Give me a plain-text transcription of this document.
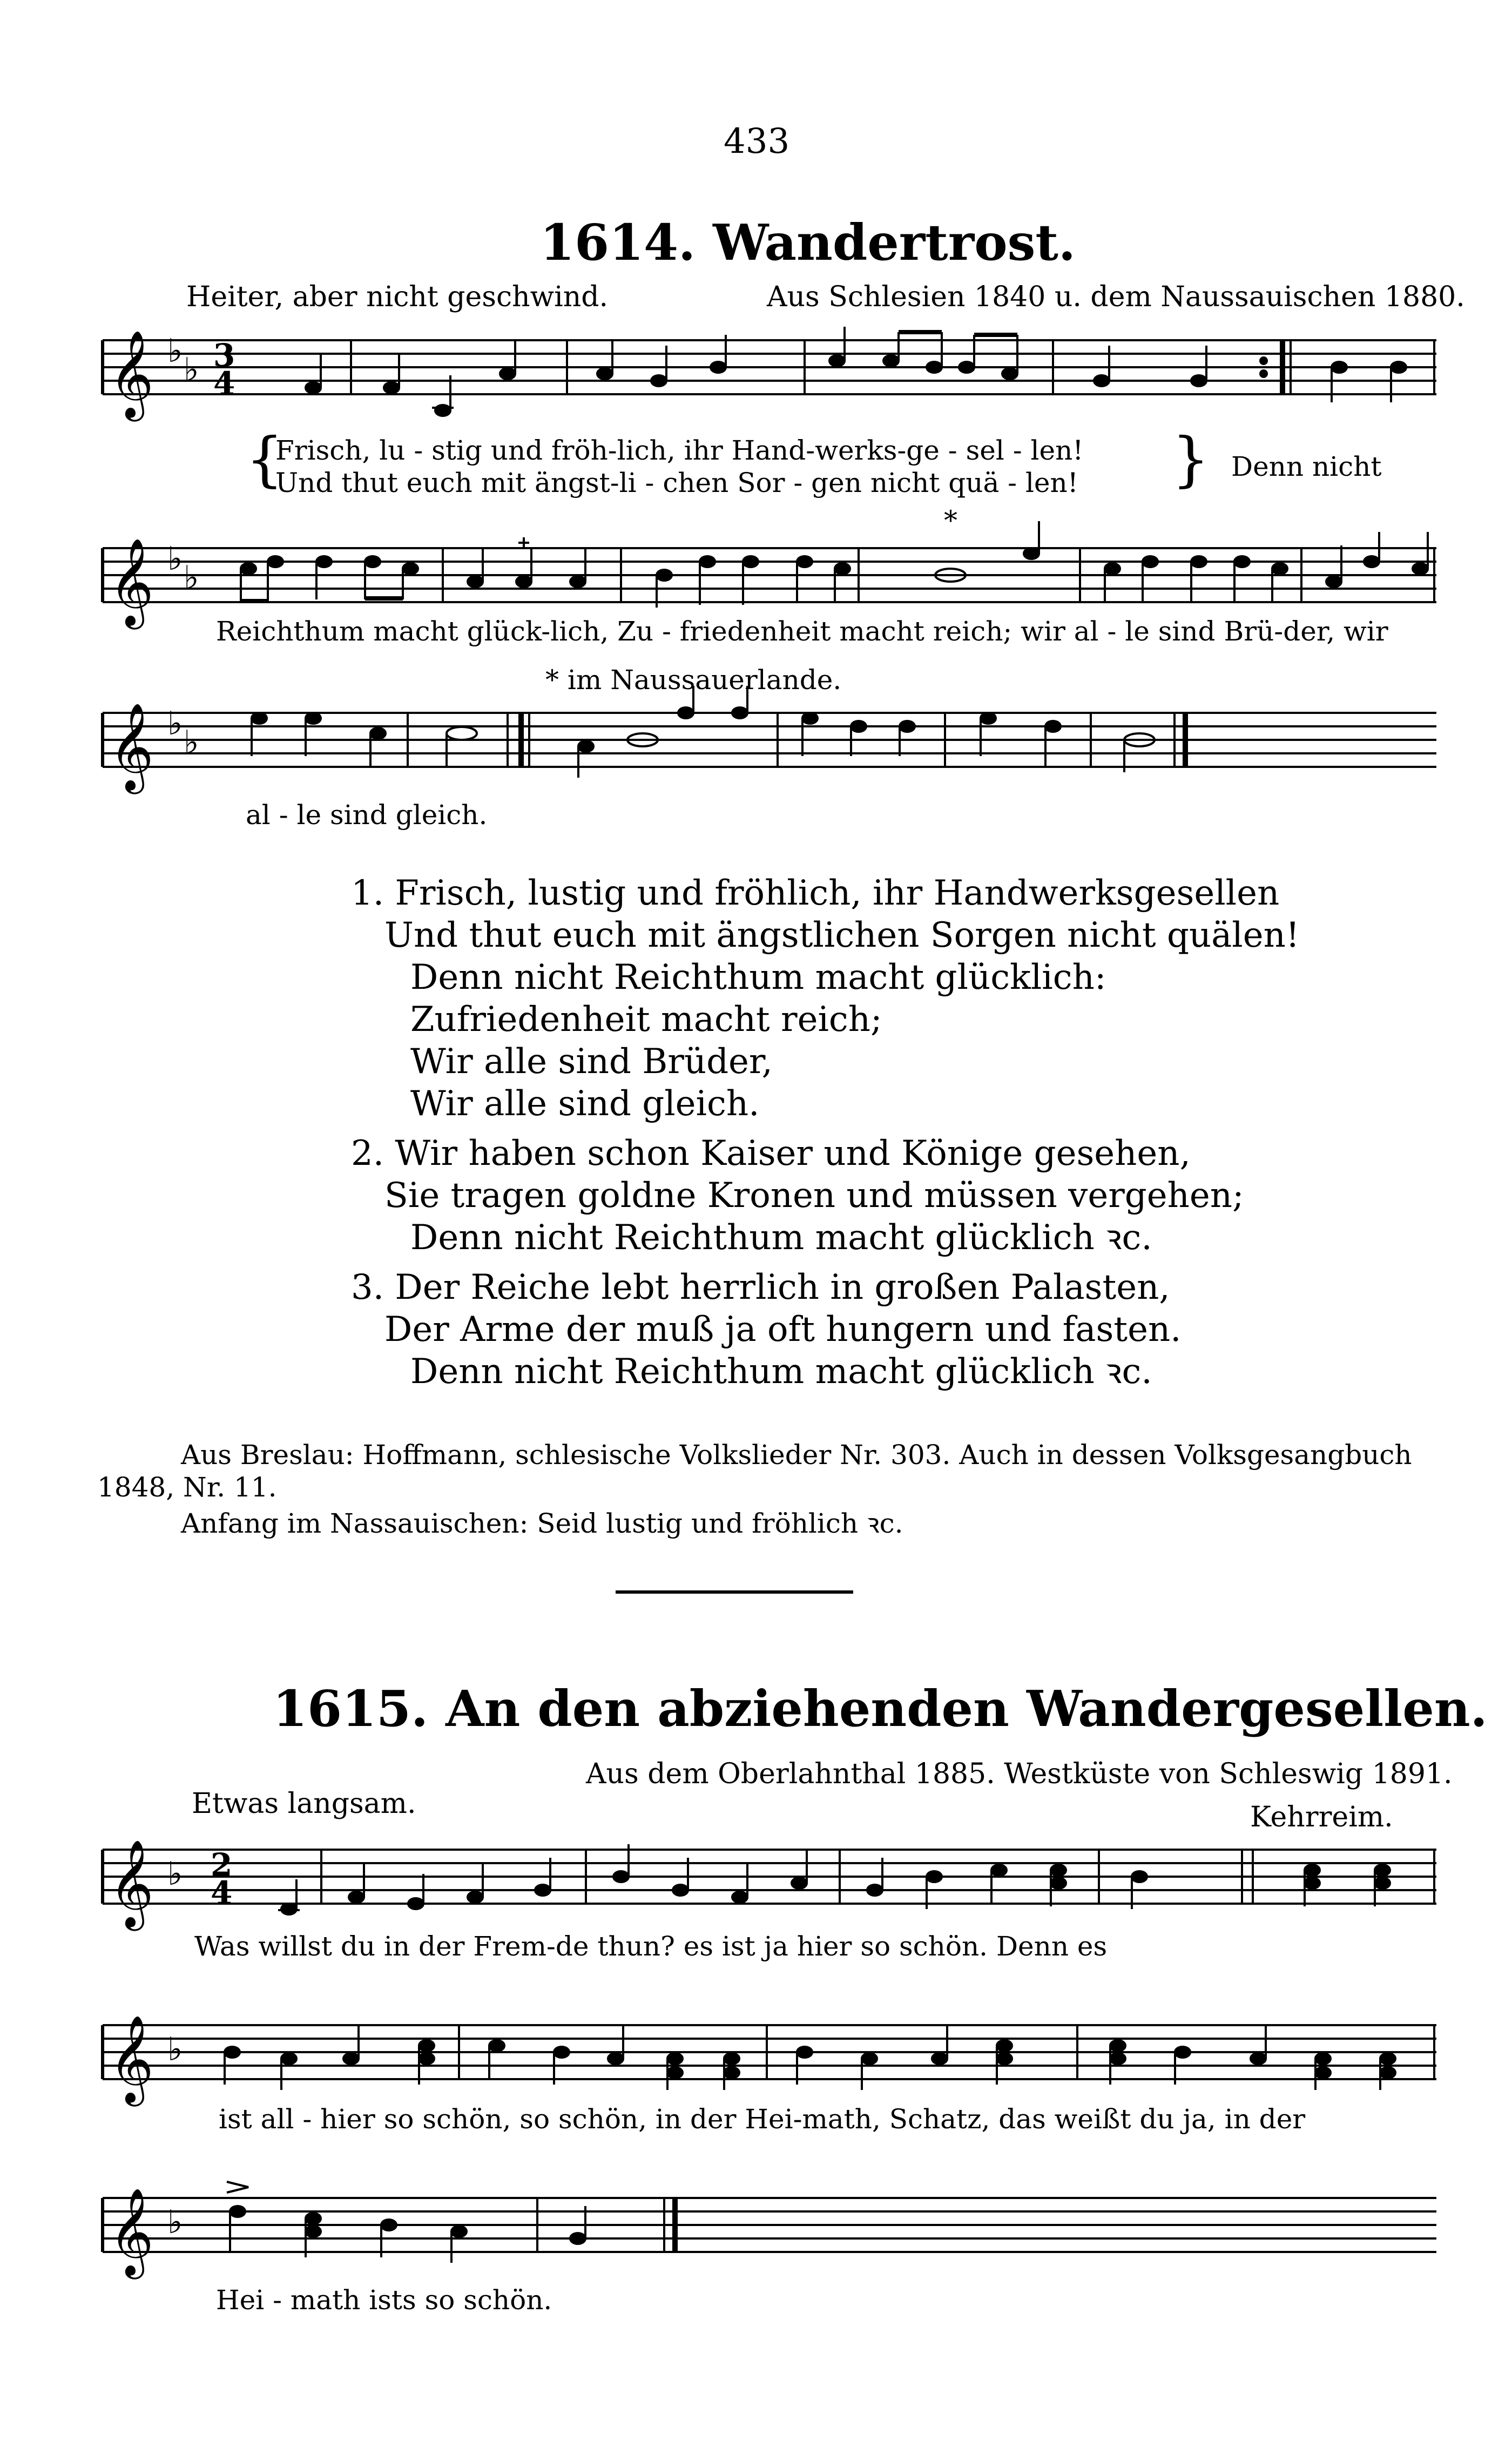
433
1614. Wandertrost.
Heiter, aber nicht geschwind.	Aus Schlesien 1840 u. dem Naussauischen 1880.
𝄞 ♭ ♭ 3
4
{
Frisch, lu - stig und fröh-lich, ihr Hand-werks-ge - sel - len!
Und thut euch mit ängst-li - chen Sor - gen nicht quä - len! } Denn nicht
𝄞 ♭ ♭
*
Reichthum macht glück-lich, Zu - friedenheit macht reich; wir al - le sind Brü-der, wir
* im Naussauerlande.
𝄞 ♭ ♭
al - le sind gleich.
1. Frisch, lustig und fröhlich, ihr Handwerksgesellen
Und thut euch mit ängstlichen Sorgen nicht quälen!
Denn nicht Reichthum macht glücklich:
Zufriedenheit macht reich;
Wir alle sind Brüder,
Wir alle sind gleich.
2. Wir haben schon Kaiser und Könige gesehen,
Sie tragen goldne Kronen und müssen vergehen;
Denn nicht Reichthum macht glücklich ꝛc.
3. Der Reiche lebt herrlich in großen Palasten,
Der Arme der muß ja oft hungern und fasten.
Denn nicht Reichthum macht glücklich ꝛc.
Aus Breslau: Hoffmann, schlesische Volkslieder Nr. 303. Auch in dessen Volksgesangbuch
1848, Nr. 11.
Anfang im Nassauischen: Seid lustig und fröhlich ꝛc.
1615. An den abziehenden Wandergesellen.
Aus dem Oberlahnthal 1885. Westküste von Schleswig 1891.
Etwas langsam.	Kehrreim.
𝄞 ♭ 2
4
Was willst du in der Frem-de thun? es ist ja hier so schön. Denn es
𝄞 ♭
ist all - hier so schön, so schön, in der Hei-math, Schatz, das weißt du ja, in der
𝄞 ♭
Hei - math ists so schön.
